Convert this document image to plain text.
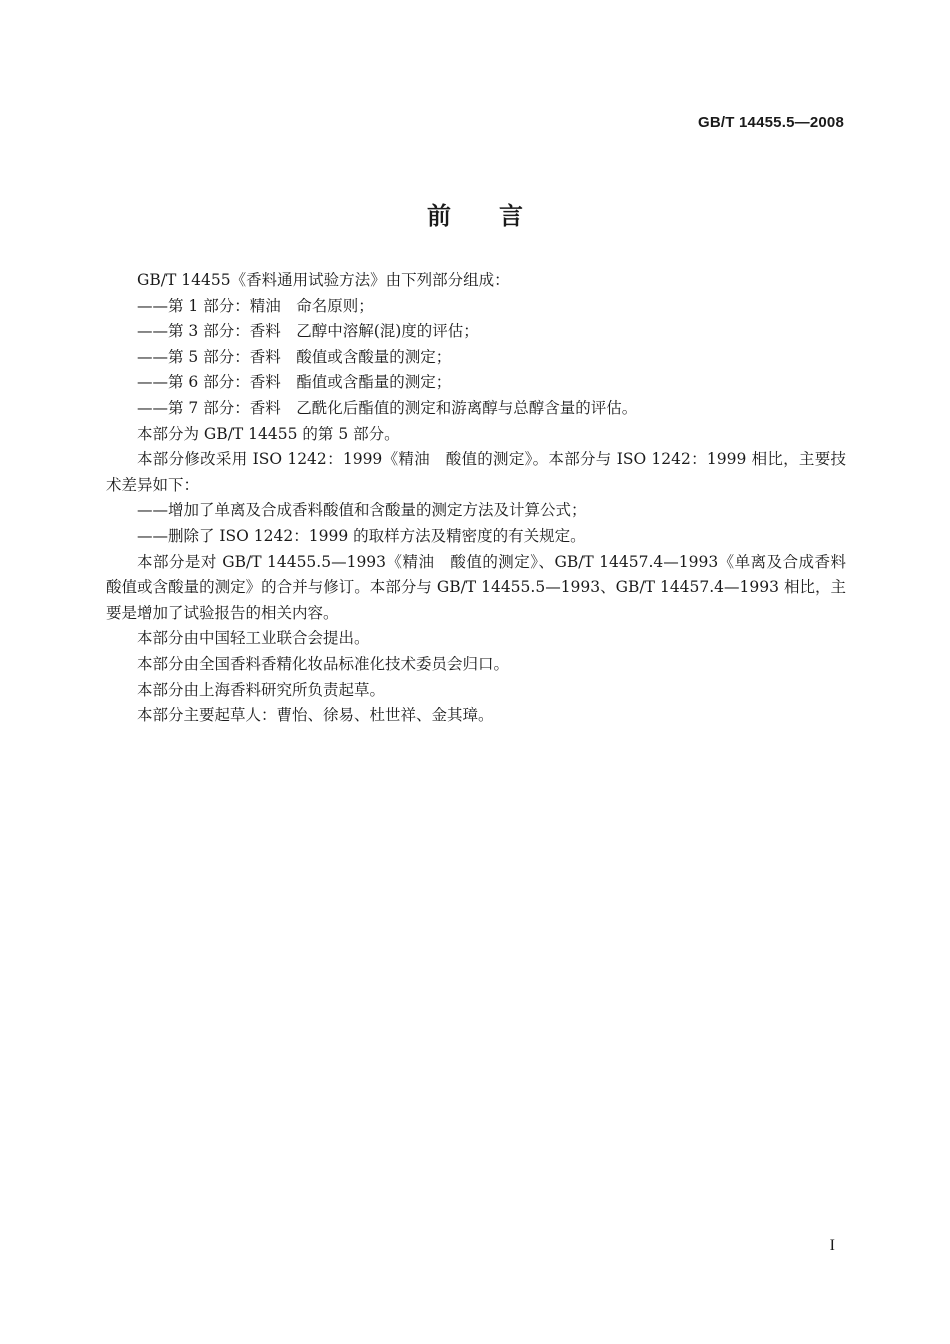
GB/T 14455.5—2008
前言

GB/T 14455《香料通用试验方法》由下列部分组成：

——第 1 部分：精油　命名原则；
——第 3 部分：香料　乙醇中溶解(混)度的评估；
——第 5 部分：香料　酸值或含酸量的测定；
——第 6 部分：香料　酯值或含酯量的测定；
——第 7 部分：香料　乙酰化后酯值的测定和游离醇与总醇含量的评估。

本部分为 GB/T 14455 的第 5 部分。

本部分修改采用 ISO 1242：1999《精油　酸值的测定》。本部分与 ISO 1242：1999 相比，主要技术差异如下：

——增加了单离及合成香料酸值和含酸量的测定方法及计算公式；
——删除了 ISO 1242：1999 的取样方法及精密度的有关规定。

本部分是对 GB/T 14455.5—1993《精油　酸值的测定》、GB/T 14457.4—1993《单离及合成香料　酸值或含酸量的测定》的合并与修订。本部分与 GB/T 14455.5—1993、GB/T 14457.4—1993 相比，主要是增加了试验报告的相关内容。

本部分由中国轻工业联合会提出。

本部分由全国香料香精化妆品标准化技术委员会归口。

本部分由上海香料研究所负责起草。

本部分主要起草人：曹怡、徐易、杜世祥、金其璋。

I
